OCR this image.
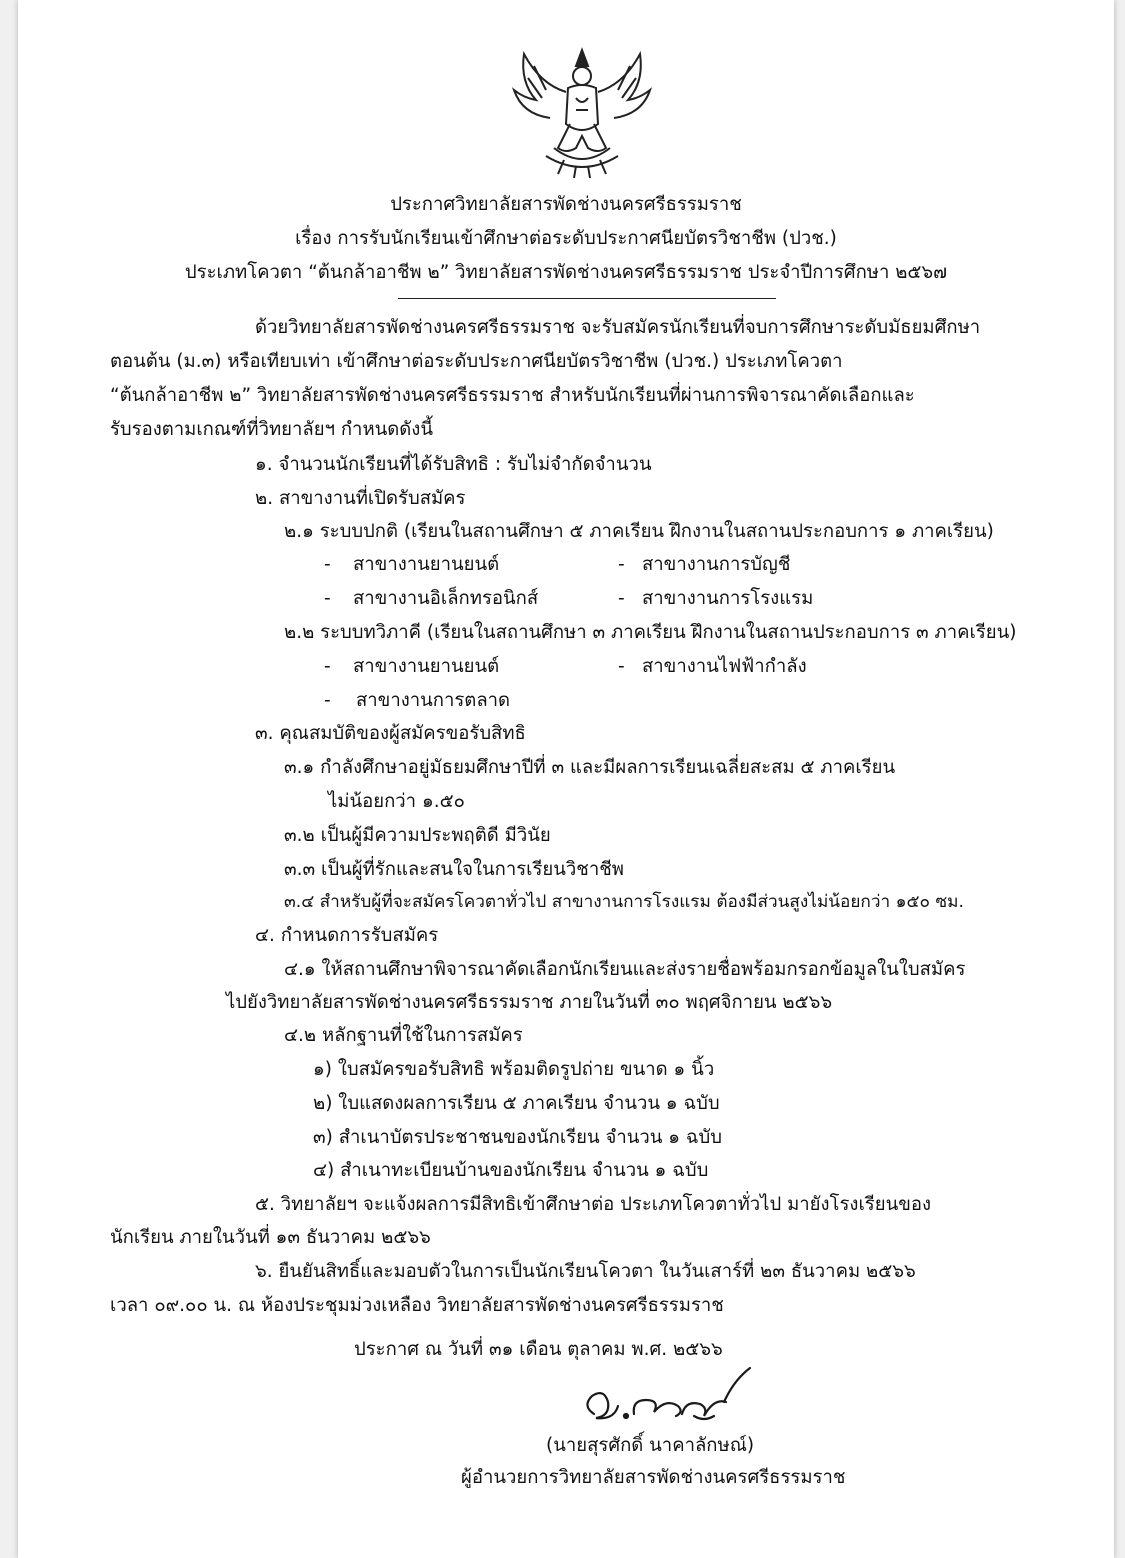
ประกาศวิทยาลัยสารพัดช่างนครศรีธรรมราช
เรื่อง การรับนักเรียนเข้าศึกษาต่อระดับประกาศนียบัตรวิชาชีพ (ปวช.)
ประเภทโควตา “ต้นกล้าอาชีพ ๒” วิทยาลัยสารพัดช่างนครศรีธรรมราช ประจำปีการศึกษา ๒๕๖๗
ด้วยวิทยาลัยสารพัดช่างนครศรีธรรมราช จะรับสมัครนักเรียนที่จบการศึกษาระดับมัธยมศึกษา
ตอนต้น (ม.๓) หรือเทียบเท่า เข้าศึกษาต่อระดับประกาศนียบัตรวิชาชีพ (ปวช.) ประเภทโควตา
“ต้นกล้าอาชีพ ๒” วิทยาลัยสารพัดช่างนครศรีธรรมราช สำหรับนักเรียนที่ผ่านการพิจารณาคัดเลือกและ
รับรองตามเกณฑ์ที่วิทยาลัยฯ กำหนดดังนี้
๑. จำนวนนักเรียนที่ได้รับสิทธิ : รับไม่จำกัดจำนวน
๒. สาขางานที่เปิดรับสมัคร
๒.๑ ระบบปกติ (เรียนในสถานศึกษา ๕ ภาคเรียน ฝึกงานในสถานประกอบการ ๑ ภาคเรียน)
- สาขางานยานยนต์	- สาขางานการบัญชี
- สาขางานอิเล็กทรอนิกส์	- สาขางานการโรงแรม
๒.๒ ระบบทวิภาคี (เรียนในสถานศึกษา ๓ ภาคเรียน ฝึกงานในสถานประกอบการ ๓ ภาคเรียน)
- สาขางานยานยนต์	- สาขางานไฟฟ้ากำลัง
- สาขางานการตลาด
๓. คุณสมบัติของผู้สมัครขอรับสิทธิ
๓.๑ กำลังศึกษาอยู่มัธยมศึกษาปีที่ ๓ และมีผลการเรียนเฉลี่ยสะสม ๕ ภาคเรียน
ไม่น้อยกว่า ๑.๕๐
๓.๒ เป็นผู้มีความประพฤติดี มีวินัย
๓.๓ เป็นผู้ที่รักและสนใจในการเรียนวิชาชีพ
๓.๔ สำหรับผู้ที่จะสมัครโควตาทั่วไป สาขางานการโรงแรม ต้องมีส่วนสูงไม่น้อยกว่า ๑๕๐ ซม.
๔. กำหนดการรับสมัคร
๔.๑ ให้สถานศึกษาพิจารณาคัดเลือกนักเรียนและส่งรายชื่อพร้อมกรอกข้อมูลในใบสมัคร
ไปยังวิทยาลัยสารพัดช่างนครศรีธรรมราช ภายในวันที่ ๓๐ พฤศจิกายน ๒๕๖๖
๔.๒ หลักฐานที่ใช้ในการสมัคร
๑) ใบสมัครขอรับสิทธิ พร้อมติดรูปถ่าย ขนาด ๑ นิ้ว
๒) ใบแสดงผลการเรียน ๕ ภาคเรียน จำนวน ๑ ฉบับ
๓) สำเนาบัตรประชาชนของนักเรียน จำนวน ๑ ฉบับ
๔) สำเนาทะเบียนบ้านของนักเรียน จำนวน ๑ ฉบับ
๕. วิทยาลัยฯ จะแจ้งผลการมีสิทธิเข้าศึกษาต่อ ประเภทโควตาทั่วไป มายังโรงเรียนของ
นักเรียน ภายในวันที่ ๑๓ ธันวาคม ๒๕๖๖
๖. ยืนยันสิทธิ์และมอบตัวในการเป็นนักเรียนโควตา ในวันเสาร์ที่ ๒๓ ธันวาคม ๒๕๖๖
เวลา ๐๙.๐๐ น. ณ ห้องประชุมม่วงเหลือง วิทยาลัยสารพัดช่างนครศรีธรรมราช
ประกาศ ณ วันที่ ๓๑ เดือน ตุลาคม พ.ศ. ๒๕๖๖
(นายสุรศักดิ์ นาคาลักษณ์)
ผู้อำนวยการวิทยาลัยสารพัดช่างนครศรีธรรมราช
